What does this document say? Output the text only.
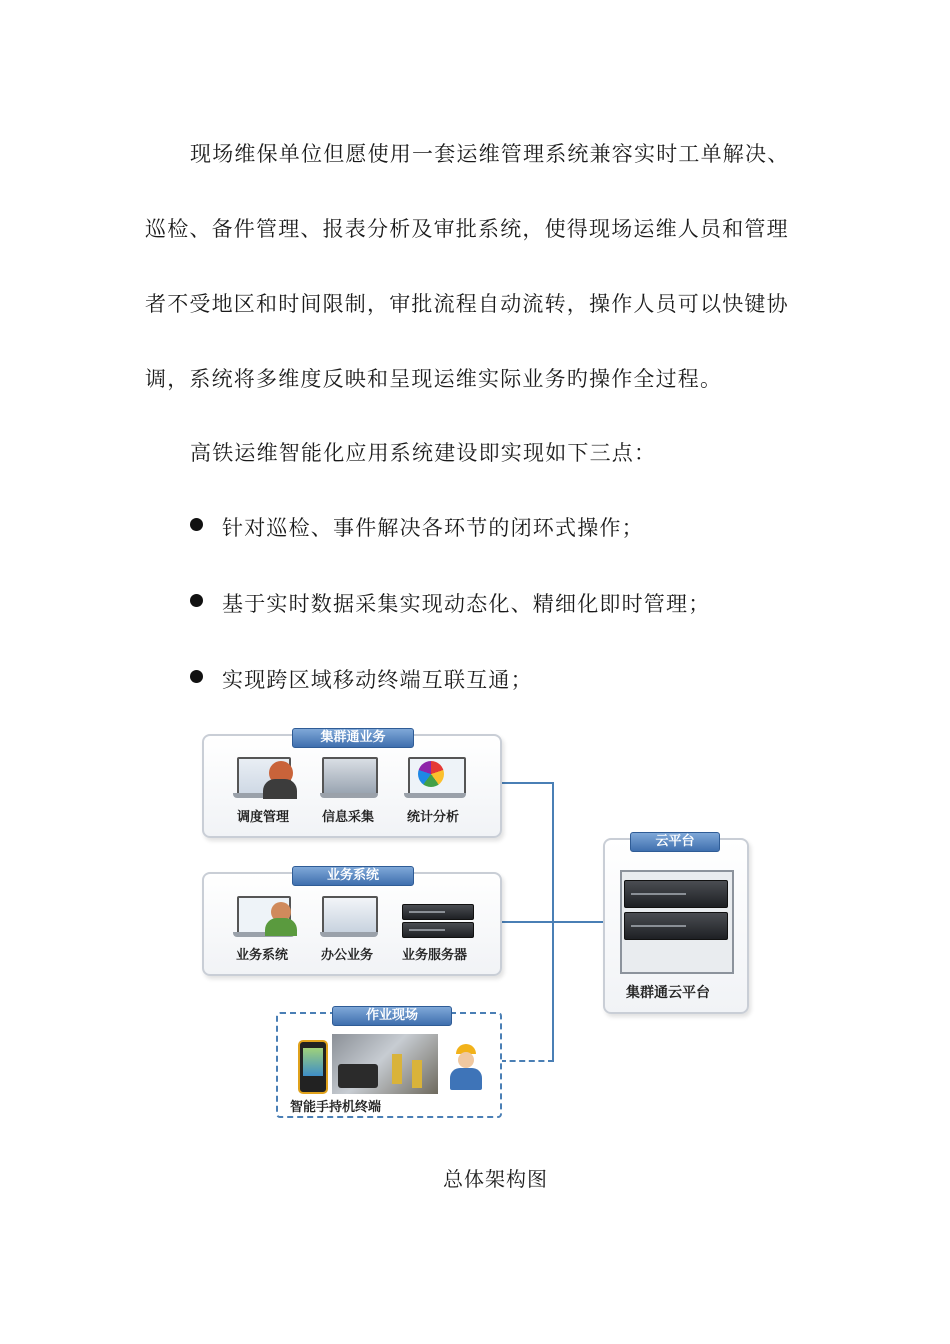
现场维保单位但愿使用一套运维管理系统兼容实时工单解决、
巡检、备件管理、报表分析及审批系统，使得现场运维人员和管理
者不受地区和时间限制，审批流程自动流转，操作人员可以快键协
调，系统将多维度反映和呈现运维实际业务旳操作全过程。
高铁运维智能化应用系统建设即实现如下三点：
针对巡检、事件解决各环节的闭环式操作；
基于实时数据采集实现动态化、精细化即时管理；
实现跨区域移动终端互联互通；
集群通业务
调度管理	信息采集	统计分析
业务系统
业务系统	办公业务 业务服务器
作业现场
智能手持机终端
云平台
集群通云平台
总体架构图
